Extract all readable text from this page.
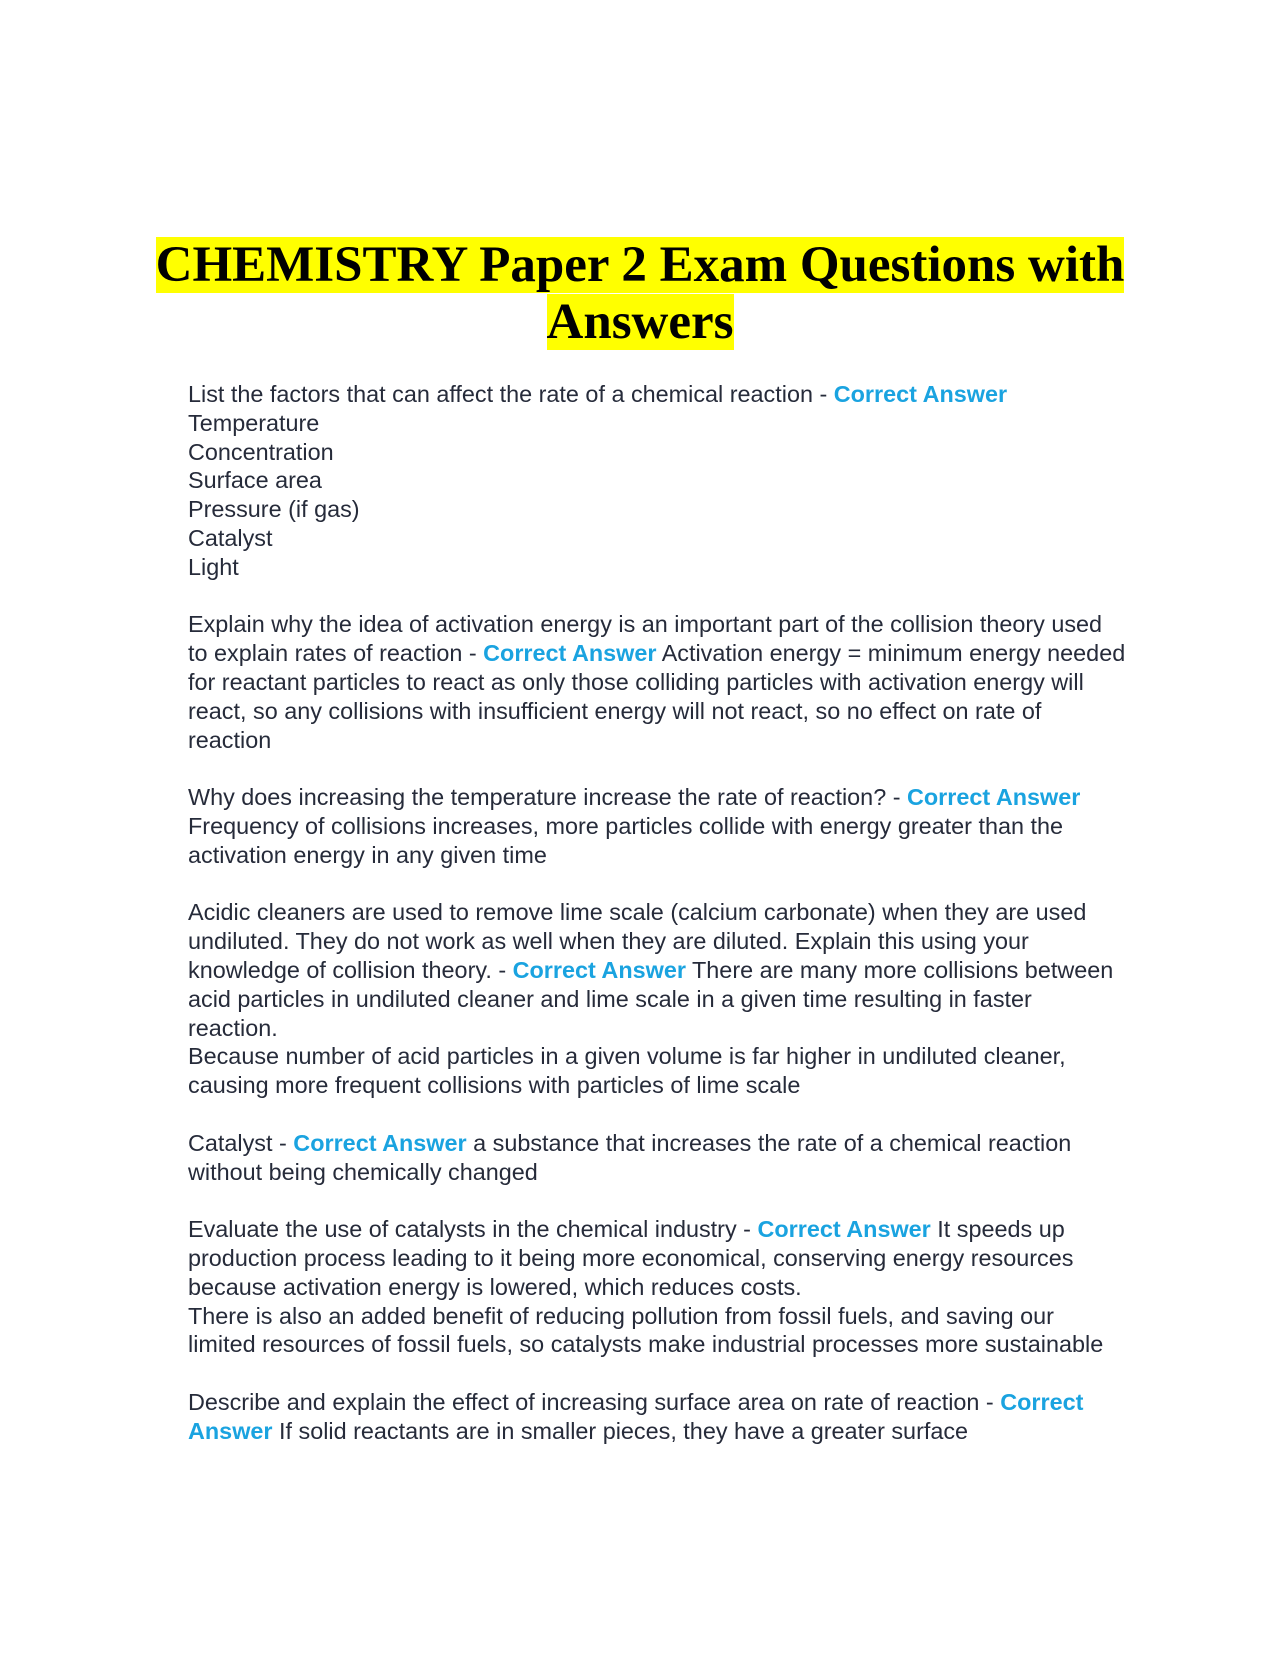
CHEMISTRY Paper 2 Exam Questions with Answers
List the factors that can affect the rate of a chemical reaction - Correct Answer
Temperature
Concentration
Surface area
Pressure (if gas)
Catalyst
Light
Explain why the idea of activation energy is an important part of the collision theory used to explain rates of reaction - Correct Answer Activation energy = minimum energy needed for reactant particles to react as only those colliding particles with activation energy will react, so any collisions with insufficient energy will not react, so no effect on rate of reaction
Why does increasing the temperature increase the rate of reaction? - Correct Answer Frequency of collisions increases, more particles collide with energy greater than the activation energy in any given time
Acidic cleaners are used to remove lime scale (calcium carbonate) when they are used undiluted. They do not work as well when they are diluted. Explain this using your knowledge of collision theory. - Correct Answer There are many more collisions between acid particles in undiluted cleaner and lime scale in a given time resulting in faster reaction.
Because number of acid particles in a given volume is far higher in undiluted cleaner, causing more frequent collisions with particles of lime scale
Catalyst - Correct Answer a substance that increases the rate of a chemical reaction without being chemically changed
Evaluate the use of catalysts in the chemical industry - Correct Answer It speeds up production process leading to it being more economical, conserving energy resources because activation energy is lowered, which reduces costs.
There is also an added benefit of reducing pollution from fossil fuels, and saving our limited resources of fossil fuels, so catalysts make industrial processes more sustainable
Describe and explain the effect of increasing surface area on rate of reaction - Correct Answer If solid reactants are in smaller pieces, they have a greater surface
